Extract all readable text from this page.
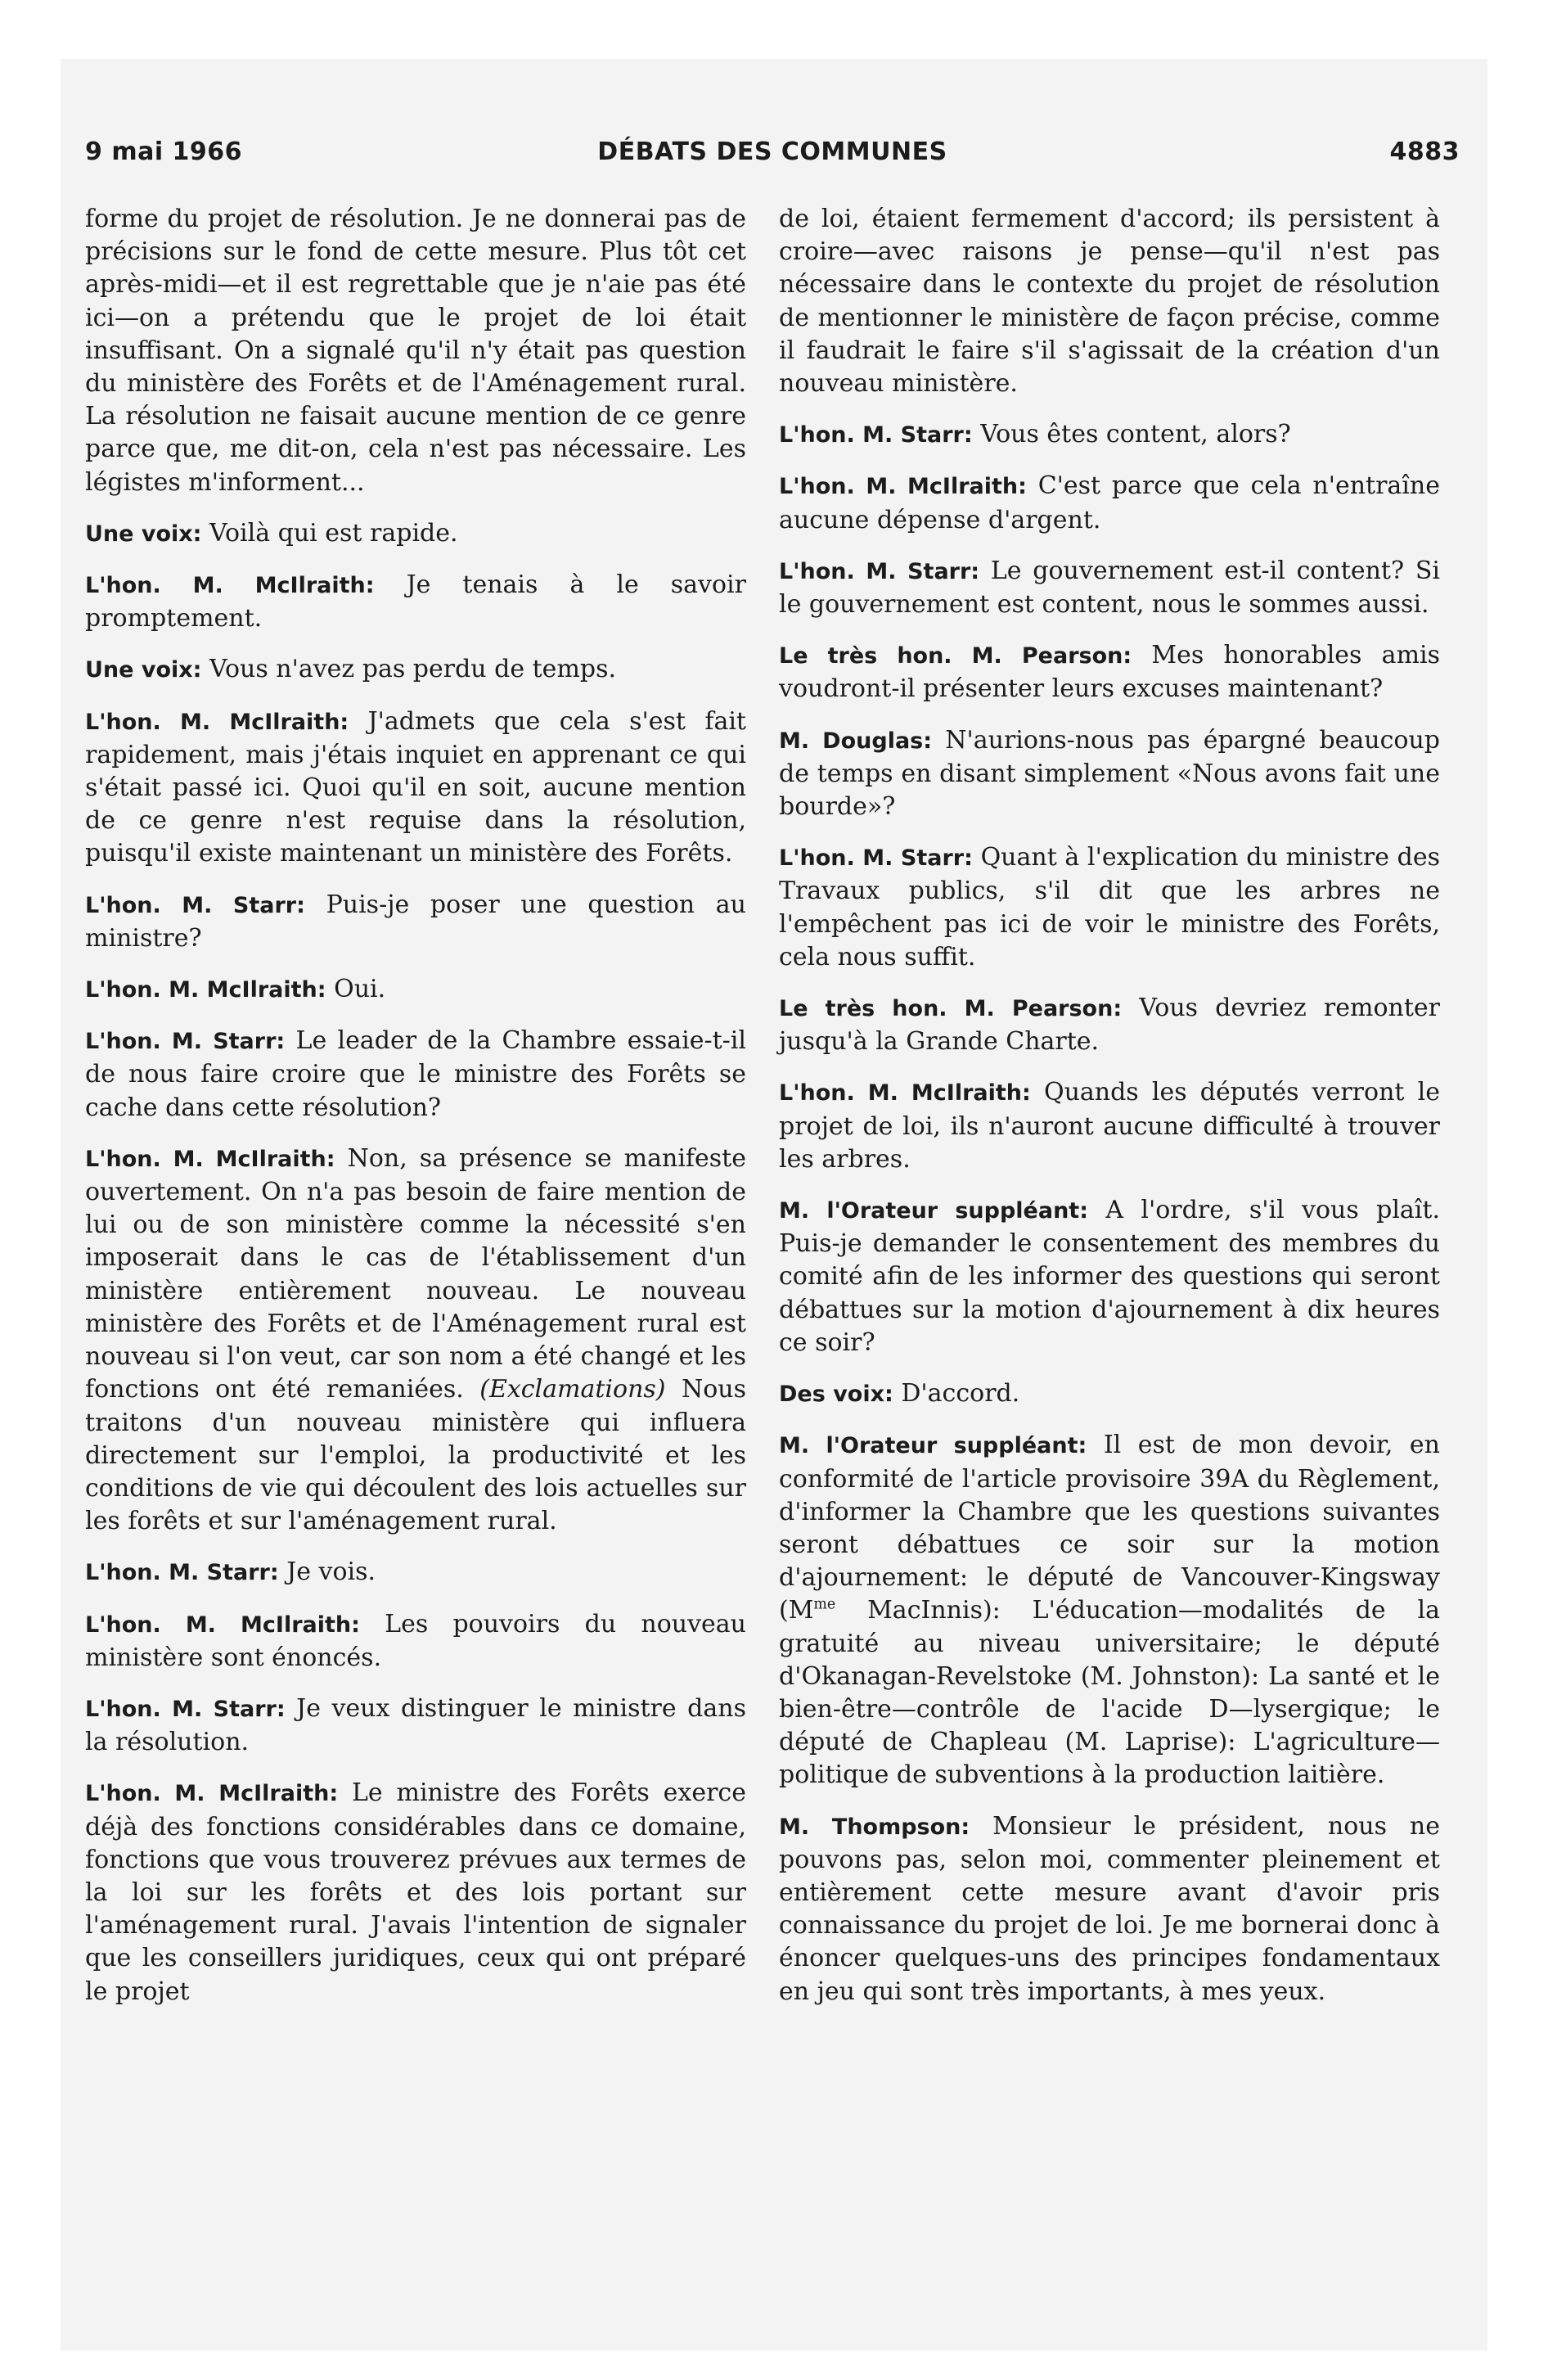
9 mai 1966	DÉBATS DES COMMUNES	4883

forme du projet de résolution. Je ne donnerai pas de précisions sur le fond de cette mesure. Plus tôt cet après-midi—et il est regrettable que je n'aie pas été ici—on a prétendu que le projet de loi était insuffisant. On a signalé qu'il n'y était pas question du ministère des Forêts et de l'Aménagement rural. La résolution ne faisait aucune mention de ce genre parce que, me dit-on, cela n'est pas nécessaire. Les légistes m'informent...

Une voix: Voilà qui est rapide.

L'hon. M. McIlraith: Je tenais à le savoir promptement.

Une voix: Vous n'avez pas perdu de temps.

L'hon. M. McIlraith: J'admets que cela s'est fait rapidement, mais j'étais inquiet en apprenant ce qui s'était passé ici. Quoi qu'il en soit, aucune mention de ce genre n'est requise dans la résolution, puisqu'il existe maintenant un ministère des Forêts.

L'hon. M. Starr: Puis-je poser une question au ministre?

L'hon. M. McIlraith: Oui.

L'hon. M. Starr: Le leader de la Chambre essaie-t-il de nous faire croire que le ministre des Forêts se cache dans cette résolution?

L'hon. M. McIlraith: Non, sa présence se manifeste ouvertement. On n'a pas besoin de faire mention de lui ou de son ministère comme la nécessité s'en imposerait dans le cas de l'établissement d'un ministère entièrement nouveau. Le nouveau ministère des Forêts et de l'Aménagement rural est nouveau si l'on veut, car son nom a été changé et les fonctions ont été remaniées. (Exclamations) Nous traitons d'un nouveau ministère qui influera directement sur l'emploi, la productivité et les conditions de vie qui découlent des lois actuelles sur les forêts et sur l'aménagement rural.

L'hon. M. Starr: Je vois.

L'hon. M. McIlraith: Les pouvoirs du nouveau ministère sont énoncés.

L'hon. M. Starr: Je veux distinguer le ministre dans la résolution.

L'hon. M. McIlraith: Le ministre des Forêts exerce déjà des fonctions considérables dans ce domaine, fonctions que vous trouverez prévues aux termes de la loi sur les forêts et des lois portant sur l'aménagement rural. J'avais l'intention de signaler que les conseillers juridiques, ceux qui ont préparé le projet

de loi, étaient fermement d'accord; ils persistent à croire—avec raisons je pense—qu'il n'est pas nécessaire dans le contexte du projet de résolution de mentionner le ministère de façon précise, comme il faudrait le faire s'il s'agissait de la création d'un nouveau ministère.

L'hon. M. Starr: Vous êtes content, alors?

L'hon. M. McIlraith: C'est parce que cela n'entraîne aucune dépense d'argent.

L'hon. M. Starr: Le gouvernement est-il content? Si le gouvernement est content, nous le sommes aussi.

Le très hon. M. Pearson: Mes honorables amis voudront-il présenter leurs excuses maintenant?

M. Douglas: N'aurions-nous pas épargné beaucoup de temps en disant simplement «Nous avons fait une bourde»?

L'hon. M. Starr: Quant à l'explication du ministre des Travaux publics, s'il dit que les arbres ne l'empêchent pas ici de voir le ministre des Forêts, cela nous suffit.

Le très hon. M. Pearson: Vous devriez remonter jusqu'à la Grande Charte.

L'hon. M. McIlraith: Quands les députés verront le projet de loi, ils n'auront aucune difficulté à trouver les arbres.

M. l'Orateur suppléant: A l'ordre, s'il vous plaît. Puis-je demander le consentement des membres du comité afin de les informer des questions qui seront débattues sur la motion d'ajournement à dix heures ce soir?

Des voix: D'accord.

M. l'Orateur suppléant: Il est de mon devoir, en conformité de l'article provisoire 39A du Règlement, d'informer la Chambre que les questions suivantes seront débattues ce soir sur la motion d'ajournement: le député de Vancouver-Kingsway ($M^{me}$ MacInnis): L'éducation—modalités de la gratuité au niveau universitaire; le député d'Okanagan-Revelstoke (M. Johnston): La santé et le bien-être—contrôle de l'acide D—lysergique; le député de Chapleau (M. Laprise): L'agriculture—politique de subventions à la production laitière.

M. Thompson: Monsieur le président, nous ne pouvons pas, selon moi, commenter pleinement et entièrement cette mesure avant d'avoir pris connaissance du projet de loi. Je me bornerai donc à énoncer quelques-uns des principes fondamentaux en jeu qui sont très importants, à mes yeux.
